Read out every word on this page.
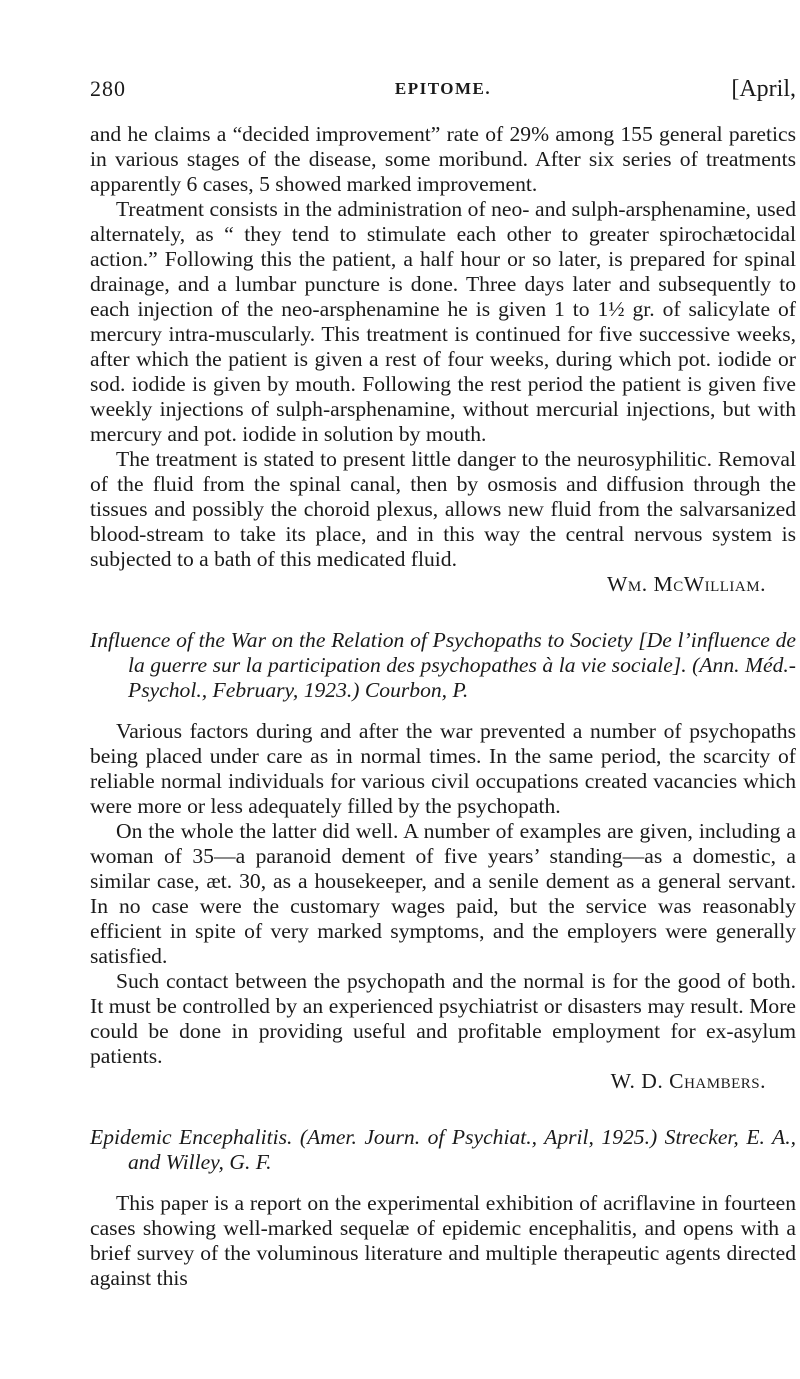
280	EPITOME.	[April,

and he claims a “decided improvement” rate of 29% among 155 general paretics in various stages of the disease, some moribund. After six series of treatments apparently 6 cases, 5 showed marked improvement.

Treatment consists in the administration of neo- and sulph-arsphenamine, used alternately, as “ they tend to stimulate each other to greater spirochætocidal action.” Following this the patient, a half hour or so later, is prepared for spinal drainage, and a lumbar puncture is done. Three days later and subsequently to each injection of the neo-arsphenamine he is given 1 to 1½ gr. of salicylate of mercury intra-muscularly. This treatment is continued for five successive weeks, after which the patient is given a rest of four weeks, during which pot. iodide or sod. iodide is given by mouth. Following the rest period the patient is given five weekly injections of sulph-arsphenamine, without mercurial injections, but with mercury and pot. iodide in solution by mouth.

The treatment is stated to present little danger to the neurosyphilitic. Removal of the fluid from the spinal canal, then by osmosis and diffusion through the tissues and possibly the choroid plexus, allows new fluid from the salvarsanized blood-stream to take its place, and in this way the central nervous system is subjected to a bath of this medicated fluid.

Wm. McWilliam.

Influence of the War on the Relation of Psychopaths to Society [De l’influence de la guerre sur la participation des psychopathes à la vie sociale]. (Ann. Méd.-Psychol., February, 1923.) Courbon, P.

Various factors during and after the war prevented a number of psychopaths being placed under care as in normal times. In the same period, the scarcity of reliable normal individuals for various civil occupations created vacancies which were more or less adequately filled by the psychopath.

On the whole the latter did well. A number of examples are given, including a woman of 35—a paranoid dement of five years’ standing—as a domestic, a similar case, æt. 30, as a housekeeper, and a senile dement as a general servant. In no case were the customary wages paid, but the service was reasonably efficient in spite of very marked symptoms, and the employers were generally satisfied.

Such contact between the psychopath and the normal is for the good of both. It must be controlled by an experienced psychiatrist or disasters may result. More could be done in providing useful and profitable employment for ex-asylum patients.

W. D. Chambers.

Epidemic Encephalitis. (Amer. Journ. of Psychiat., April, 1925.) Strecker, E. A., and Willey, G. F.

This paper is a report on the experimental exhibition of acriflavine in fourteen cases showing well-marked sequelæ of epidemic encephalitis, and opens with a brief survey of the voluminous literature and multiple therapeutic agents directed against this
